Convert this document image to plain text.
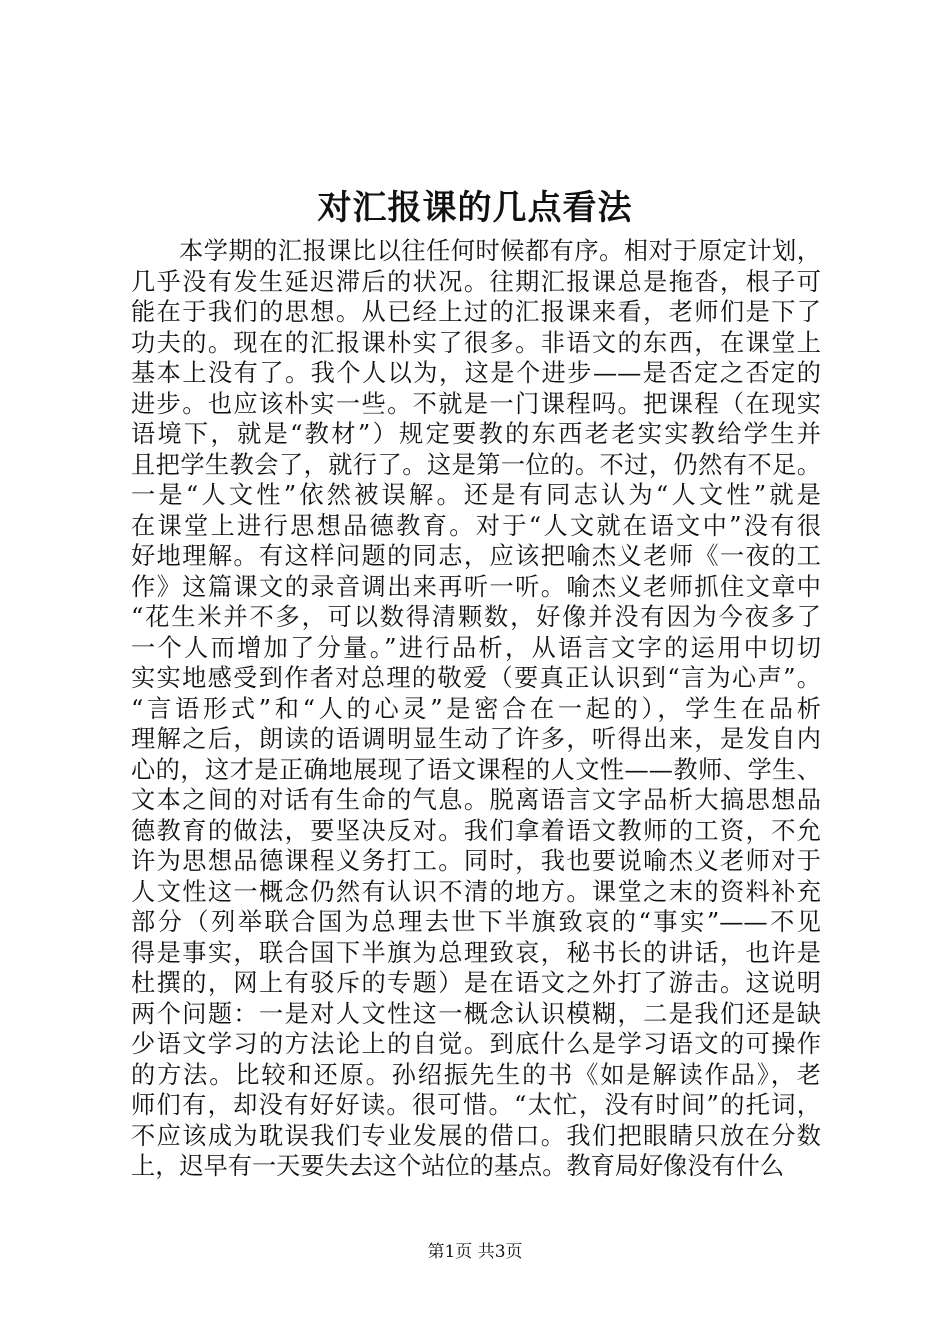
对汇报课的几点看法
本学期的汇报课比以往任何时候都有序。相对于原定计划，
几乎没有发生延迟滞后的状况。往期汇报课总是拖沓，根子可
能在于我们的思想。从已经上过的汇报课来看，老师们是下了
功夫的。现在的汇报课朴实了很多。非语文的东西，在课堂上
基本上没有了。我个人以为，这是个进步——是否定之否定的
进步。也应该朴实一些。不就是一门课程吗。把课程（在现实
语境下，就是“教材”）规定要教的东西老老实实教给学生并
且把学生教会了，就行了。这是第一位的。不过，仍然有不足。
一是“人文性”依然被误解。还是有同志认为“人文性”就是
在课堂上进行思想品德教育。对于“人文就在语文中”没有很
好地理解。有这样问题的同志，应该把喻杰义老师《一夜的工
作》这篇课文的录音调出来再听一听。喻杰义老师抓住文章中
“花生米并不多，可以数得清颗数，好像并没有因为今夜多了
一个人而增加了分量。”进行品析，从语言文字的运用中切切
实实地感受到作者对总理的敬爱（要真正认识到“言为心声”。
“言语形式”和“人的心灵”是密合在一起的），学生在品析
理解之后，朗读的语调明显生动了许多，听得出来，是发自内
心的，这才是正确地展现了语文课程的人文性——教师、学生、
文本之间的对话有生命的气息。脱离语言文字品析大搞思想品
德教育的做法，要坚决反对。我们拿着语文教师的工资，不允
许为思想品德课程义务打工。同时，我也要说喻杰义老师对于
人文性这一概念仍然有认识不清的地方。课堂之末的资料补充
部分（列举联合国为总理去世下半旗致哀的“事实”——不见
得是事实，联合国下半旗为总理致哀，秘书长的讲话，也许是
杜撰的，网上有驳斥的专题）是在语文之外打了游击。这说明
两个问题：一是对人文性这一概念认识模糊，二是我们还是缺
少语文学习的方法论上的自觉。到底什么是学习语文的可操作
的方法。比较和还原。孙绍振先生的书《如是解读作品》，老
师们有，却没有好好读。很可惜。“太忙，没有时间”的托词，
不应该成为耽误我们专业发展的借口。我们把眼睛只放在分数
上，迟早有一天要失去这个站位的基点。教育局好像没有什么
第1页 共3页
